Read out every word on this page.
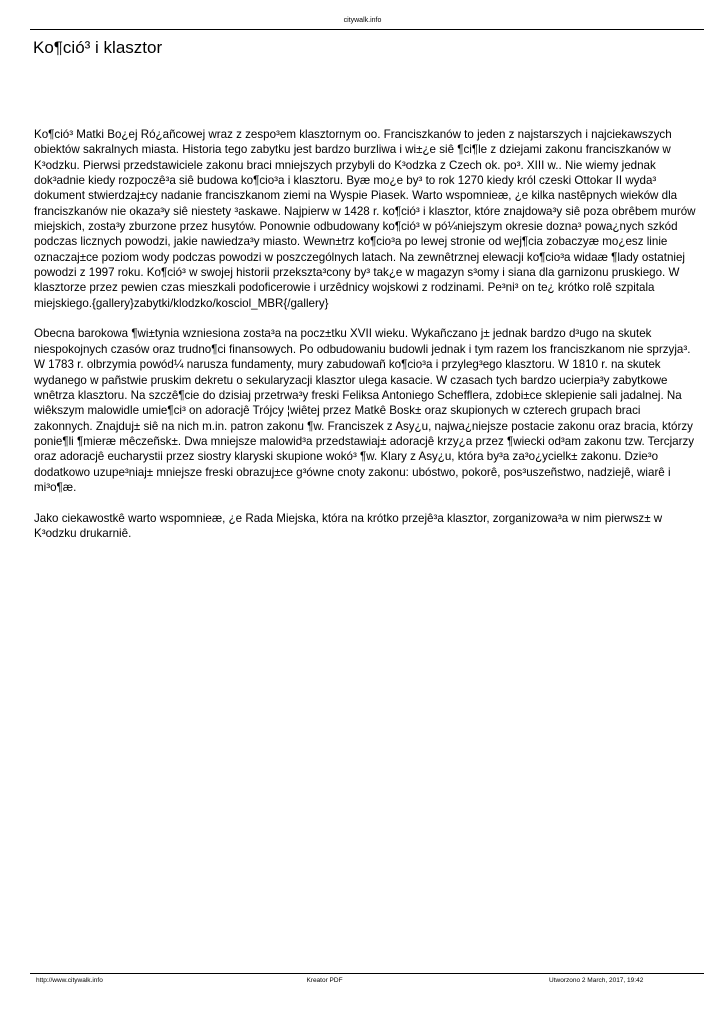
citywalk.info
Ko¶ció³ i klasztor

Ko¶ció³ Matki Bo¿ej Ró¿añcowej wraz z zespo³em klasztornym oo. Franciszkanów to jeden z najstarszych i najciekawszych obiektów sakralnych miasta. Historia tego zabytku jest bardzo burzliwa i wi±¿e siê ¶ci¶le z dziejami zakonu franciszkanów w K³odzku. Pierwsi przedstawiciele zakonu braci mniejszych przybyli do K³odzka z Czech ok. po³. XIII w.. Nie wiemy jednak dok³adnie kiedy rozpoczê³a siê budowa ko¶cio³a i klasztoru. Byæ mo¿e by³ to rok 1270 kiedy król czeski Ottokar II wyda³ dokument stwierdzaj±cy nadanie franciszkanom ziemi na Wyspie Piasek. Warto wspomnieæ, ¿e kilka nastêpnych wieków dla franciszkanów nie okaza³y siê niestety ³askawe. Najpierw w 1428 r. ko¶ció³ i klasztor, które znajdowa³y siê poza obrêbem murów miejskich, zosta³y zburzone przez husytów. Ponownie odbudowany ko¶ció³ w pó¼niejszym okresie dozna³ powa¿nych szkód podczas licznych powodzi, jakie nawiedza³y miasto. Wewn±trz ko¶cio³a po lewej stronie od wej¶cia zobaczyæ mo¿esz linie oznaczaj±ce poziom wody podczas powodzi w poszczególnych latach. Na zewnêtrznej elewacji ko¶cio³a widaæ ¶lady ostatniej powodzi z 1997 roku. Ko¶ció³ w swojej historii przekszta³cony by³ tak¿e w magazyn s³omy i siana dla garnizonu pruskiego. W klasztorze przez pewien czas mieszkali podoficerowie i urzêdnicy wojskowi z rodzinami. Pe³ni³ on te¿ krótko rolê szpitala miejskiego.{gallery}zabytki/klodzko/kosciol_MBR{/gallery}

Obecna barokowa ¶wi±tynia wzniesiona zosta³a na pocz±tku XVII wieku. Wykañczano j± jednak bardzo d³ugo na skutek niespokojnych czasów oraz trudno¶ci finansowych. Po odbudowaniu budowli jednak i tym razem los franciszkanom nie sprzyja³. W 1783 r. olbrzymia powód¼ narusza fundamenty, mury zabudowañ ko¶cio³a i przyleg³ego klasztoru. W 1810 r. na skutek wydanego w pañstwie pruskim dekretu o sekularyzacji klasztor ulega kasacie. W czasach tych bardzo ucierpia³y zabytkowe wnêtrza klasztoru. Na szczê¶cie do dzisiaj przetrwa³y freski Feliksa Antoniego Schefflera, zdobi±ce sklepienie sali jadalnej. Na wiêkszym malowidle umie¶ci³ on adoracjê Trójcy ¦wiêtej przez Matkê Bosk± oraz skupionych w czterech grupach braci zakonnych. Znajduj± siê na nich m.in. patron zakonu ¶w. Franciszek z Asy¿u, najwa¿niejsze postacie zakonu oraz bracia, którzy ponie¶li ¶mieræ mêczeñsk±. Dwa mniejsze malowid³a przedstawiaj± adoracjê krzy¿a przez ¶wiecki od³am zakonu tzw. Tercjarzy oraz adoracjê eucharystii przez siostry klaryski skupione wokó³ ¶w. Klary z Asy¿u, która by³a za³o¿ycielk± zakonu. Dzie³o dodatkowo uzupe³niaj± mniejsze freski obrazuj±ce g³ówne cnoty zakonu: ubóstwo, pokorê, pos³uszeñstwo, nadziejê, wiarê i mi³o¶æ.

Jako ciekawostkê warto wspomnieæ, ¿e Rada Miejska, która na krótko przejê³a klasztor, zorganizowa³a w nim pierwsz± w K³odzku drukarniê.

http://www.citywalk.info	Kreator PDF	Utworzono 2 March, 2017, 19:42
